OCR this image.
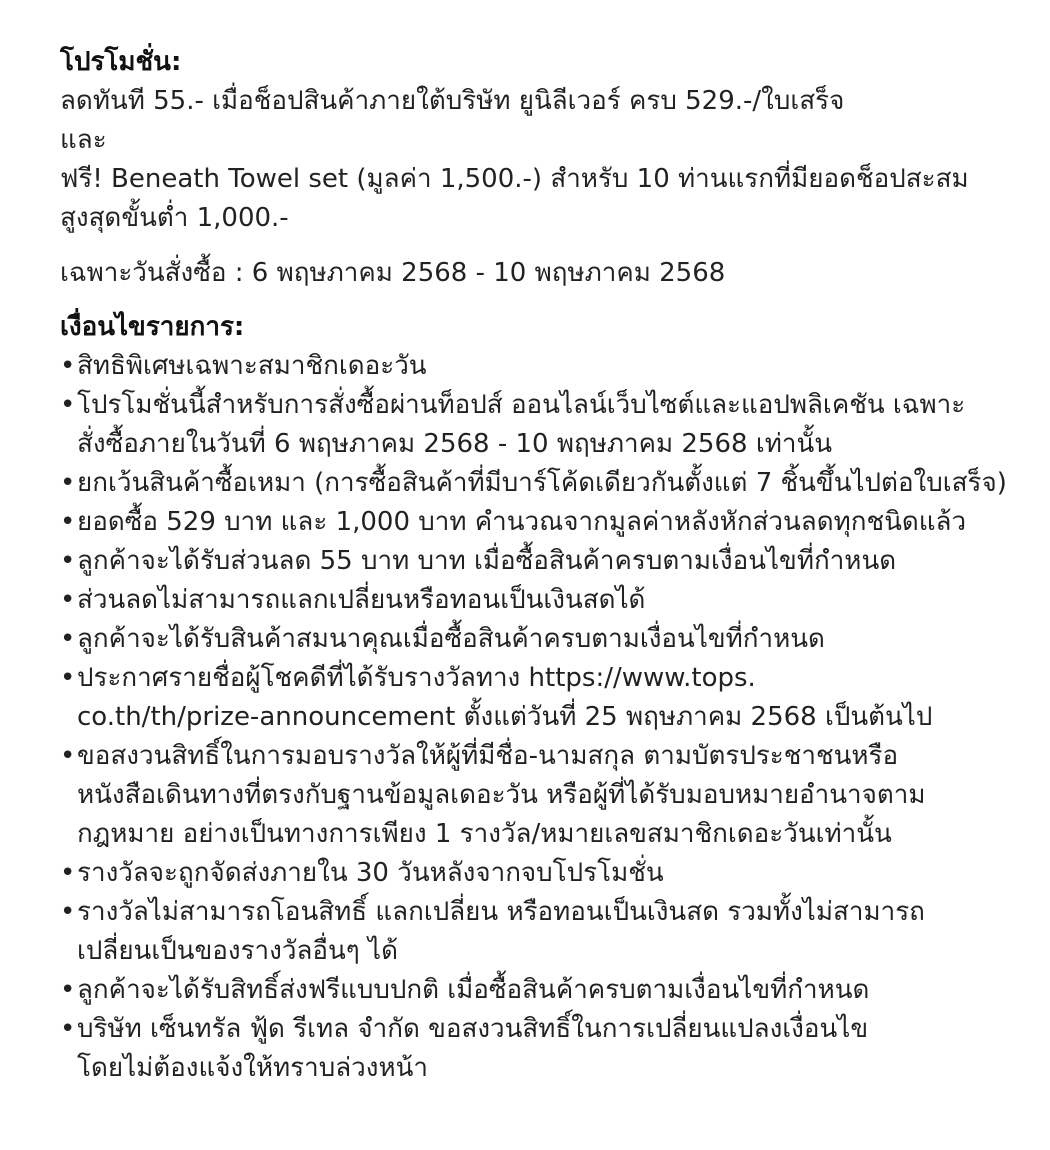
โปรโมชั่น:

ลดทันที 55.- เมื่อช็อปสินค้าภายใต้บริษัท ยูนิลีเวอร์ ครบ 529.-/ใบเสร็จ

และ

ฟรี! Beneath Towel set (มูลค่า 1,500.-) สำหรับ 10 ท่านแรกที่มียอดช็อปสะสม

สูงสุดขั้นต่ำ 1,000.-

เฉพาะวันสั่งซื้อ : 6 พฤษภาคม 2568 - 10 พฤษภาคม 2568

เงื่อนไขรายการ:
• สิทธิพิเศษเฉพาะสมาชิกเดอะวัน
• โปรโมชั่นนี้สำหรับการสั่งซื้อผ่านท็อปส์ ออนไลน์เว็บไซต์และแอปพลิเคชัน เฉพาะ
สั่งซื้อภายในวันที่ 6 พฤษภาคม 2568 - 10 พฤษภาคม 2568 เท่านั้น
• ยกเว้นสินค้าซื้อเหมา (การซื้อสินค้าที่มีบาร์โค้ดเดียวกันตั้งแต่ 7 ชิ้นขึ้นไปต่อใบเสร็จ)
• ยอดซื้อ 529 บาท และ 1,000 บาท คำนวณจากมูลค่าหลังหักส่วนลดทุกชนิดแล้ว
• ลูกค้าจะได้รับส่วนลด 55 บาท บาท เมื่อซื้อสินค้าครบตามเงื่อนไขที่กำหนด
• ส่วนลดไม่สามารถแลกเปลี่ยนหรือทอนเป็นเงินสดได้
• ลูกค้าจะได้รับสินค้าสมนาคุณเมื่อซื้อสินค้าครบตามเงื่อนไขที่กำหนด
• ประกาศรายชื่อผู้โชคดีที่ได้รับรางวัลทาง https://www.tops.
co.th/th/prize-announcement ตั้งแต่วันที่ 25 พฤษภาคม 2568 เป็นต้นไป
• ขอสงวนสิทธิ์ในการมอบรางวัลให้ผู้ที่มีชื่อ-นามสกุล ตามบัตรประชาชนหรือ
หนังสือเดินทางที่ตรงกับฐานข้อมูลเดอะวัน หรือผู้ที่ได้รับมอบหมายอำนาจตาม
กฎหมาย อย่างเป็นทางการเพียง 1 รางวัล/หมายเลขสมาชิกเดอะวันเท่านั้น
• รางวัลจะถูกจัดส่งภายใน 30 วันหลังจากจบโปรโมชั่น
• รางวัลไม่สามารถโอนสิทธิ์ แลกเปลี่ยน หรือทอนเป็นเงินสด รวมทั้งไม่สามารถ
เปลี่ยนเป็นของรางวัลอื่นๆ ได้
• ลูกค้าจะได้รับสิทธิ์ส่งฟรีแบบปกติ เมื่อซื้อสินค้าครบตามเงื่อนไขที่กำหนด
• บริษัท เซ็นทรัล ฟู้ด รีเทล จำกัด ขอสงวนสิทธิ์ในการเปลี่ยนแปลงเงื่อนไข
โดยไม่ต้องแจ้งให้ทราบล่วงหน้า
